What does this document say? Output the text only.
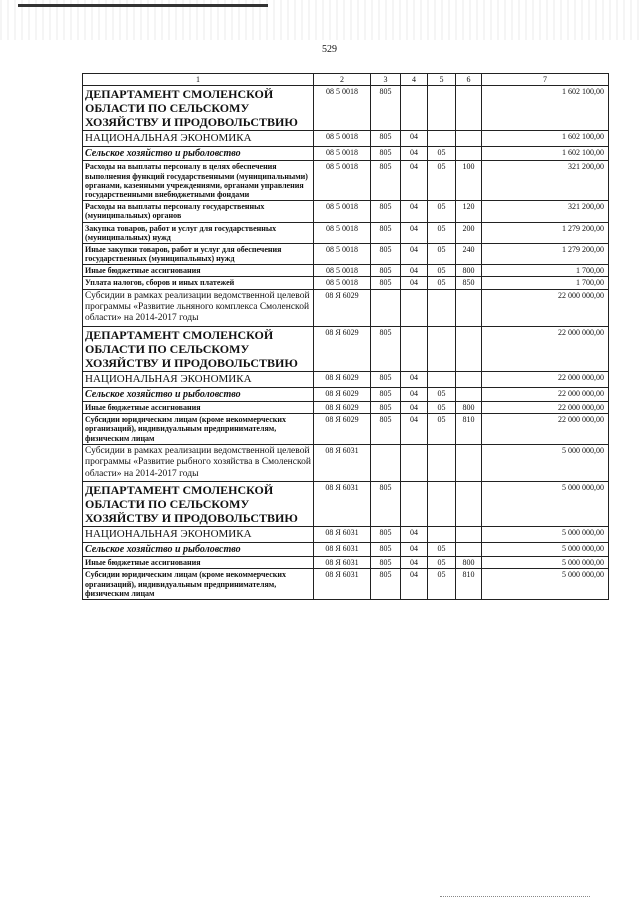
529
1	2	3	4	5	6	7
ДЕПАРТАМЕНТ СМОЛЕНСКОЙ ОБЛАСТИ ПО СЕЛЬСКОМУ ХОЗЯЙСТВУ И ПРОДОВОЛЬСТВИЮ	08 5 0018	805				1 602 100,00
НАЦИОНАЛЬНАЯ ЭКОНОМИКА	08 5 0018	805	04			1 602 100,00
Сельское хозяйство и рыболовство	08 5 0018	805	04	05		1 602 100,00
Расходы на выплаты персоналу в целях обеспечения выполнения функций государственными (муниципальными) органами, казенными учреждениями, органами управления государственными внебюджетными фондами	08 5 0018	805	04	05	100	321 200,00
Расходы на выплаты персоналу государственных (муниципальных) органов	08 5 0018	805	04	05	120	321 200,00
Закупка товаров, работ и услуг для государственных (муниципальных) нужд	08 5 0018	805	04	05	200	1 279 200,00
Иные закупки товаров, работ и услуг для обеспечения государственных (муниципальных) нужд	08 5 0018	805	04	05	240	1 279 200,00
Иные бюджетные ассигнования	08 5 0018	805	04	05	800	1 700,00
Уплата налогов, сборов и иных платежей	08 5 0018	805	04	05	850	1 700,00
Субсидии в рамках реализации ведомственной целевой программы «Развитие льняного комплекса Смоленской области» на 2014-2017 годы	08 Я 6029					22 000 000,00
ДЕПАРТАМЕНТ СМОЛЕНСКОЙ ОБЛАСТИ ПО СЕЛЬСКОМУ ХОЗЯЙСТВУ И ПРОДОВОЛЬСТВИЮ	08 Я 6029	805				22 000 000,00
НАЦИОНАЛЬНАЯ ЭКОНОМИКА	08 Я 6029	805	04			22 000 000,00
Сельское хозяйство и рыболовство	08 Я 6029	805	04	05		22 000 000,00
Иные бюджетные ассигнования	08 Я 6029	805	04	05	800	22 000 000,00
Субсидии юридическим лицам (кроме некоммерческих организаций), индивидуальным предпринимателям, физическим лицам	08 Я 6029	805	04	05	810	22 000 000,00
Субсидии в рамках реализации ведомственной целевой программы «Развитие рыбного хозяйства в Смоленской области» на 2014-2017 годы	08 Я 6031					5 000 000,00
ДЕПАРТАМЕНТ СМОЛЕНСКОЙ ОБЛАСТИ ПО СЕЛЬСКОМУ ХОЗЯЙСТВУ И ПРОДОВОЛЬСТВИЮ	08 Я 6031	805				5 000 000,00
НАЦИОНАЛЬНАЯ ЭКОНОМИКА	08 Я 6031	805	04			5 000 000,00
Сельское хозяйство и рыболовство	08 Я 6031	805	04	05		5 000 000,00
Иные бюджетные ассигнования	08 Я 6031	805	04	05	800	5 000 000,00
Субсидии юридическим лицам (кроме некоммерческих организаций), индивидуальным предпринимателям, физическим лицам	08 Я 6031	805	04	05	810	5 000 000,00
